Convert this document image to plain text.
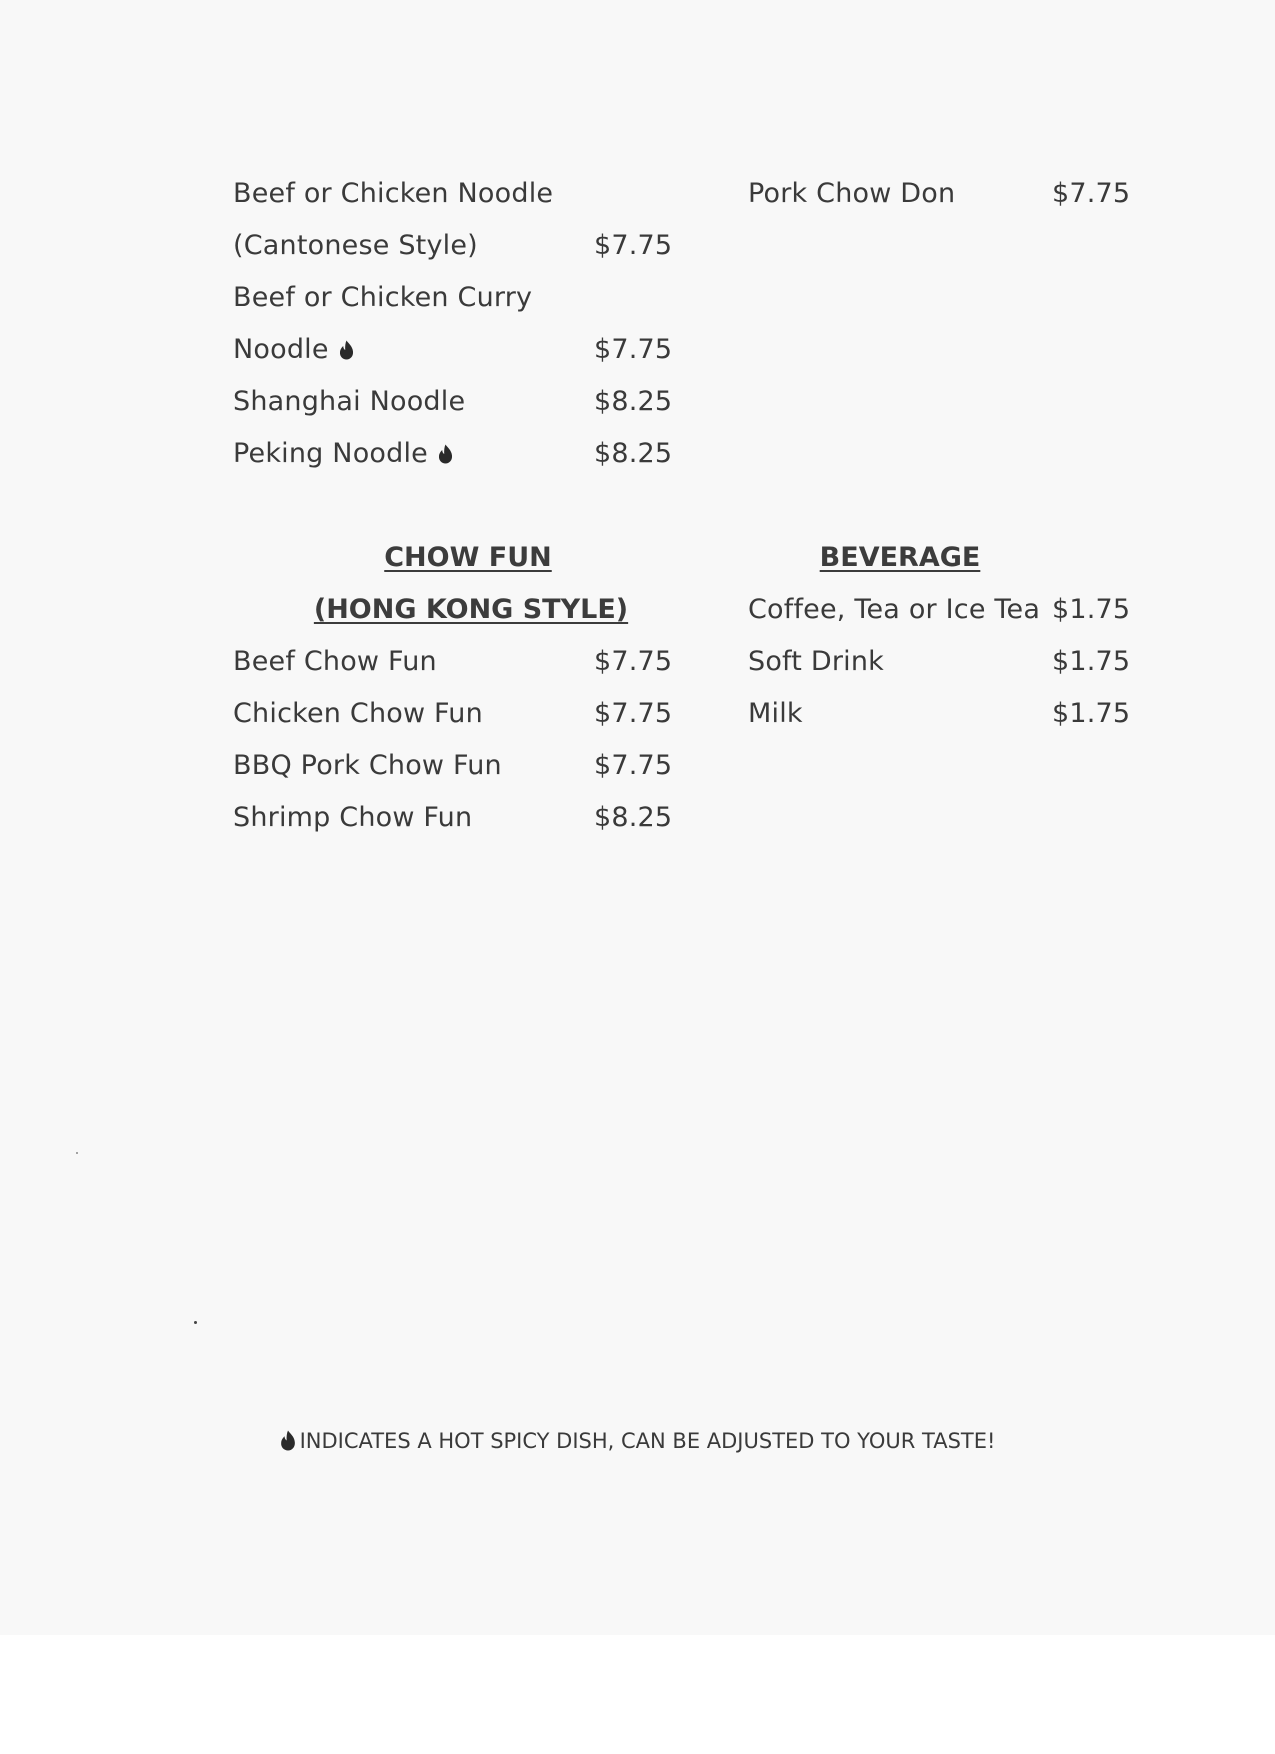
Beef or Chicken Noodle
(Cantonese Style)	$7.75
Beef or Chicken Curry
Noodle	$7.75
Shanghai Noodle	$8.25
Peking Noodle	$8.25
Pork Chow Don	$7.75
CHOW FUN
(HONG KONG STYLE)
Beef Chow Fun	$7.75
Chicken Chow Fun	$7.75
BBQ Pork Chow Fun	$7.75
Shrimp Chow Fun	$8.25
BEVERAGE
Coffee, Tea or Ice Tea $1.75
Soft Drink	$1.75
Milk	$1.75
INDICATES A HOT SPICY DISH, CAN BE ADJUSTED TO YOUR TASTE!
